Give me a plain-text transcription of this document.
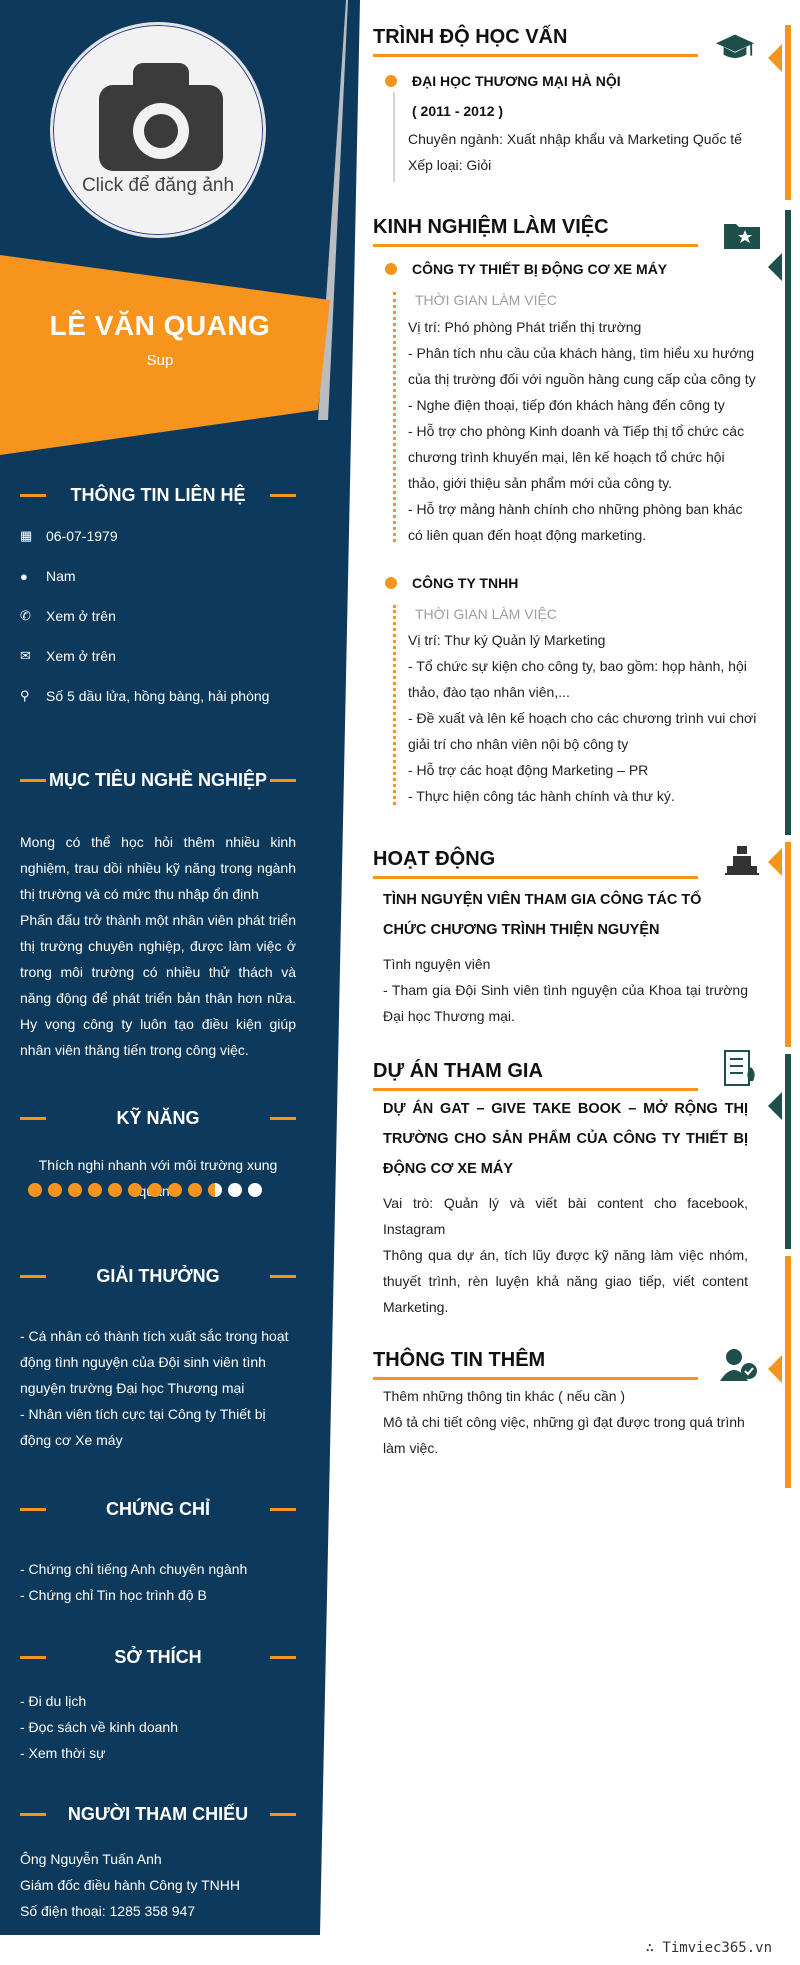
Click để đăng ảnh
LÊ VĂN QUANG
Sup
THÔNG TIN LIÊN HỆ
▦ 06-07-1979
●	Nam
✆	Xem ở trên
✉	Xem ở trên
⚲	Số 5 dầu lửa, hồng bàng, hải phòng
MỤC TIÊU NGHỀ NGHIỆP
Mong có thể học hỏi thêm nhiều kinh nghiệm, trau dồi nhiều kỹ năng trong ngành thị trường và có mức thu nhập ổn định
Phấn đấu trở thành một nhân viên phát triển thị trường chuyên nghiệp, được làm việc ở trong môi trường có nhiều thử thách và năng động để phát triển bản thân hơn nữa. Hy vọng công ty luôn tạo điều kiện giúp nhân viên thăng tiến trong công việc.
KỸ NĂNG
Thích nghi nhanh với môi trường xung
GIẢI THƯỞNG
- Cá nhân có thành tích xuất sắc trong hoạt động tình nguyện của Đội sinh viên tình nguyện trường Đại học Thương mại
- Nhân viên tích cực tại Công ty Thiết bị động cơ Xe máy
CHỨNG CHỈ
- Chứng chỉ tiếng Anh chuyên ngành
- Chứng chỉ Tin học trình độ B
SỞ THÍCH
- Đi du lịch
- Đọc sách về kinh doanh
- Xem thời sự
NGƯỜI THAM CHIẾU
Ông Nguyễn Tuấn Anh
Giám đốc điều hành Công ty TNHH
Số điện thoại: 1285 358 947
TRÌNH ĐỘ HỌC VẤN
ĐẠI HỌC THƯƠNG MẠI HÀ NỘI
( 2011 - 2012 )
Chuyên ngành: Xuất nhập khẩu và Marketing Quốc tế
Xếp loại: Giỏi
KINH NGHIỆM LÀM VIỆC
CÔNG TY THIẾT BỊ ĐỘNG CƠ XE MÁY
THỜI GIAN LÀM VIỆC
Vị trí: Phó phòng Phát triển thị trường
- Phân tích nhu cầu của khách hàng, tìm hiểu xu hướng của thị trường đối với nguồn hàng cung cấp của công ty
- Nghe điện thoại, tiếp đón khách hàng đến công ty
- Hỗ trợ cho phòng Kinh doanh và Tiếp thị tổ chức các chương trình khuyến mại, lên kế hoạch tổ chức hội thảo, giới thiệu sản phẩm mới của công ty.
- Hỗ trợ mảng hành chính cho những phòng ban khác có liên quan đến hoạt động marketing.
CÔNG TY TNHH
THỜI GIAN LÀM VIỆC
Vị trí: Thư ký Quản lý Marketing
- Tổ chức sự kiện cho công ty, bao gồm: họp hành, hội thảo, đào tạo nhân viên,...
- Đề xuất và lên kế hoạch cho các chương trình vui chơi giải trí cho nhân viên nội bộ công ty
- Hỗ trợ các hoạt động Marketing – PR
- Thực hiện công tác hành chính và thư ký.
HOẠT ĐỘNG
TÌNH NGUYỆN VIÊN THAM GIA CÔNG TÁC TỔ CHỨC CHƯƠNG TRÌNH THIỆN NGUYỆN
Tình nguyện viên
- Tham gia Đội Sinh viên tình nguyện của Khoa tại trường Đại học Thương mại.
DỰ ÁN THAM GIA
DỰ ÁN GAT – GIVE TAKE BOOK – MỞ RỘNG THỊ TRƯỜNG CHO SẢN PHẨM CỦA CÔNG TY THIẾT BỊ ĐỘNG CƠ XE MÁY
Vai trò: Quản lý và viết bài content cho facebook, Instagram
Thông qua dự án, tích lũy được kỹ năng làm việc nhóm, thuyết trình, rèn luyện khả năng giao tiếp, viết content Marketing.
THÔNG TIN THÊM
Thêm những thông tin khác ( nếu cần )
Mô tả chi tiết công việc, những gì đạt được trong quá trình làm việc.
∴ Timviec365.vn
